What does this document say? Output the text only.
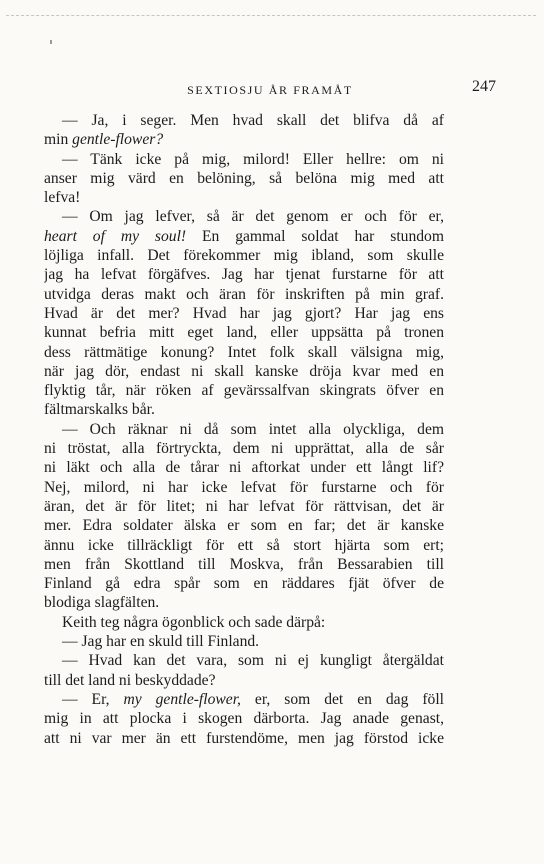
SEXTIOSJU ÅR FRAMÅT	247
— Ja, i seger. Men hvad skall det blifva då af
min gentle-flower?
— Tänk icke på mig, milord! Eller hellre: om ni
anser mig värd en belöning, så belöna mig med att
lefva!
— Om jag lefver, så är det genom er och för er,
heart of my soul! En gammal soldat har stundom
löjliga infall. Det förekommer mig ibland, som skulle
jag ha lefvat förgäfves. Jag har tjenat furstarne för att
utvidga deras makt och äran för inskriften på min graf.
Hvad är det mer? Hvad har jag gjort? Har jag ens
kunnat befria mitt eget land, eller uppsätta på tronen
dess rättmätige konung? Intet folk skall välsigna mig,
när jag dör, endast ni skall kanske dröja kvar med en
flyktig tår, när röken af gevärssalfvan skingrats öfver en
fältmarskalks bår.
— Och räknar ni då som intet alla olyckliga, dem
ni tröstat, alla förtryckta, dem ni upprättat, alla de sår
ni läkt och alla de tårar ni aftorkat under ett långt lif?
Nej, milord, ni har icke lefvat för furstarne och för
äran, det är för litet; ni har lefvat för rättvisan, det är
mer. Edra soldater älska er som en far; det är kanske
ännu icke tillräckligt för ett så stort hjärta som ert;
men från Skottland till Moskva, från Bessarabien till
Finland gå edra spår som en räddares fjät öfver de
blodiga slagfälten.
Keith teg några ögonblick och sade därpå:
— Jag har en skuld till Finland.
— Hvad kan det vara, som ni ej kungligt återgäldat
till det land ni beskyddade?
— Er, my gentle-flower, er, som det en dag föll
mig in att plocka i skogen därborta. Jag anade genast,
att ni var mer än ett furstendöme, men jag förstod icke
